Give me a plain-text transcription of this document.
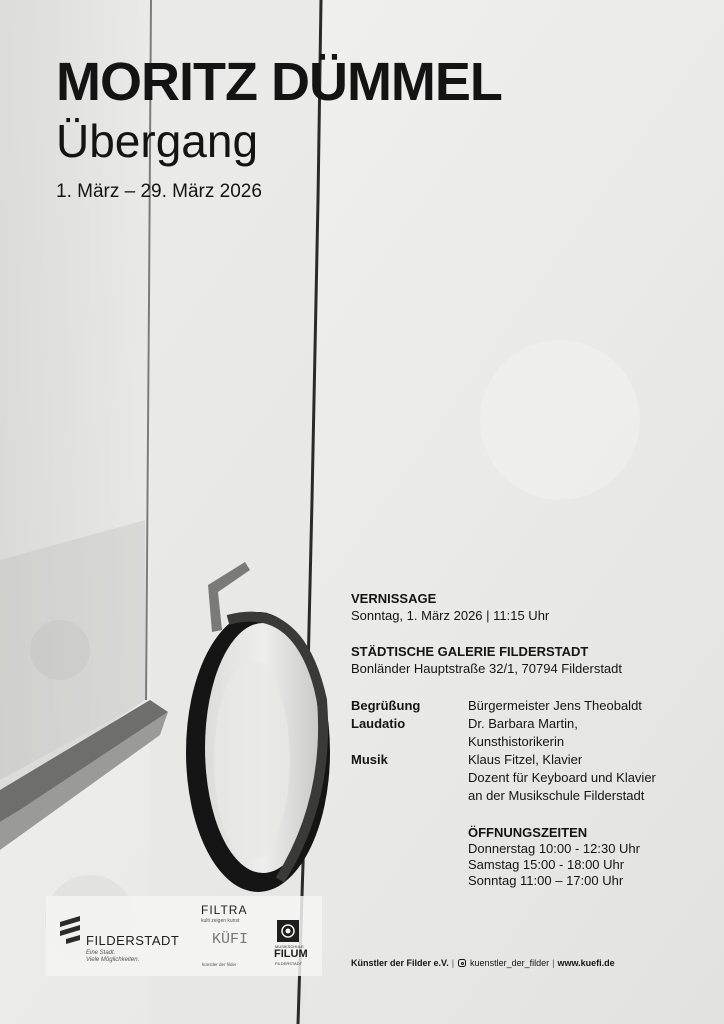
MORITZ DÜMMEL
Übergang
1. März – 29. März 2026
VERNISSAGE
Sonntag, 1. März 2026 | 11:15 Uhr
STÄDTISCHE GALERIE FILDERSTADT
Bonländer Hauptstraße 32/1, 70794 Filderstadt
Begrüßung	Bürgermeister Jens Theobaldt
Laudatio	Dr. Barbara Martin,
Kunsthistorikerin
Musik	Klaus Fitzel, Klavier
Dozent für Keyboard und Klavier
an der Musikschule Filderstadt
ÖFFNUNGSZEITEN
Donnerstag 10:00 - 12:30 Uhr
Samstag 15:00 - 18:00 Uhr
Sonntag 11:00 – 17:00 Uhr
FILDERSTADT
Eine Stadt.
Viele Möglichkeiten.
FILTRA
kulti zeigen kunst
KÜFI
künstler der filder
MUSIKSCHULE
FILUM
FILDERSTADT	Künstler der Filder e.V. | kuenstler_der_filder | www.kuefi.de
